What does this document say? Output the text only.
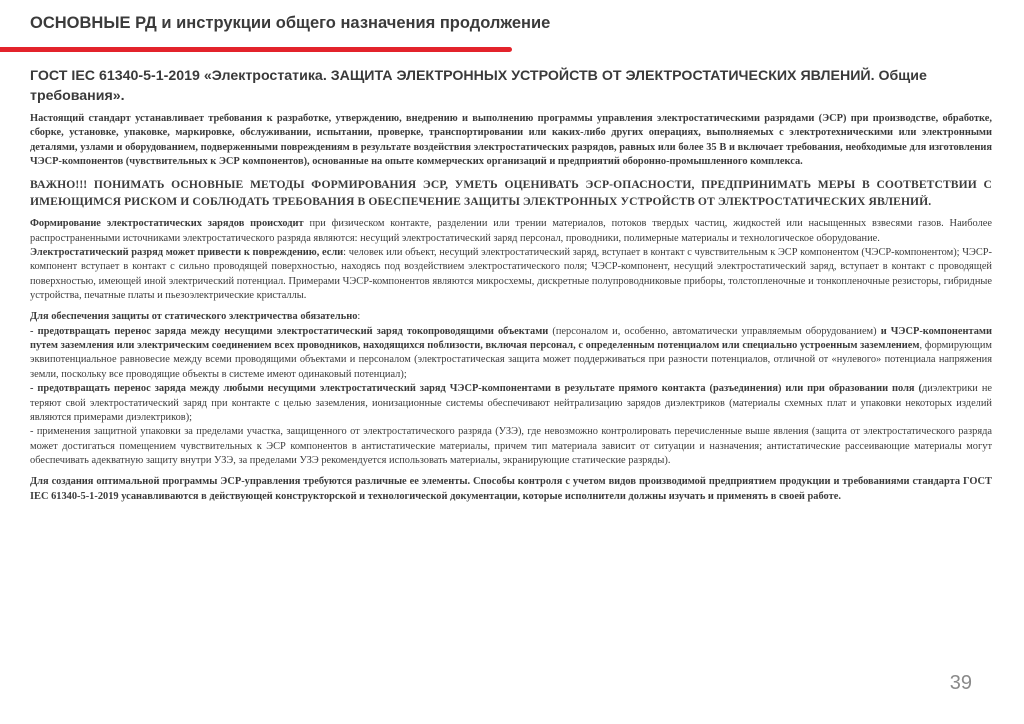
ОСНОВНЫЕ РД и инструкции общего назначения продолжение
ГОСТ IEC 61340-5-1-2019 «Электростатика. ЗАЩИТА ЭЛЕКТРОННЫХ УСТРОЙСТВ ОТ ЭЛЕКТРОСТАТИЧЕСКИХ ЯВЛЕНИЙ. Общие требования».

Настоящий стандарт устанавливает требования к разработке, утверждению, внедрению и выполнению программы управления электростатическими разрядами (ЭСР) при производстве, обработке, сборке, установке, упаковке, маркировке, обслуживании, испытании, проверке, транспортировании или каких-либо других операциях, выполняемых с электротехническими или электронными деталями, узлами и оборудованием, подверженными повреждениям в результате воздействия электростатических разрядов, равных или более 35 В и включает требования, необходимые для изготовления ЧЭСР-компонентов (чувствительных к ЭСР компонентов), основанные на опыте коммерческих организаций и предприятий оборонно-промышленного комплекса.

ВАЖНО!!! ПОНИМАТЬ ОСНОВНЫЕ МЕТОДЫ ФОРМИРОВАНИЯ ЭСР, УМЕТЬ ОЦЕНИВАТЬ ЭСР-ОПАСНОСТИ, ПРЕДПРИНИМАТЬ МЕРЫ В СООТВЕТСТВИИ С ИМЕЮЩИМСЯ РИСКОМ И СОБЛЮДАТЬ ТРЕБОВАНИЯ В ОБЕСПЕЧЕНИЕ ЗАЩИТЫ ЭЛЕКТРОННЫХ УСТРОЙСТВ ОТ ЭЛЕКТРОСТАТИЧЕСКИХ ЯВЛЕНИЙ.

Формирование электростатических зарядов происходит при физическом контакте, разделении или трении материалов, потоков твердых частиц, жидкостей или насыщенных взвесями газов. Наиболее распространенными источниками электростатического разряда являются: несущий электростатический заряд персонал, проводники, полимерные материалы и технологическое оборудование.

Электростатический разряд может привести к повреждению, если: человек или объект, несущий электростатический заряд, вступает в контакт с чувствительным к ЭСР компонентом (ЧЭСР-компонентом); ЧЭСР-компонент вступает в контакт с сильно проводящей поверхностью, находясь под воздействием электростатического поля; ЧЭСР-компонент, несущий электростатический заряд, вступает в контакт с проводящей поверхностью, имеющей иной электрический потенциал. Примерами ЧЭСР-компонентов являются микросхемы, дискретные полупроводниковые приборы, толстопленочные и тонкопленочные резисторы, гибридные устройства, печатные платы и пьезоэлектрические кристаллы.

Для обеспечения защиты от статического электричества обязательно:

- предотвращать перенос заряда между несущими электростатический заряд токопроводящими объектами (персоналом и, особенно, автоматически управляемым оборудованием) и ЧЭСР-компонентами путем заземления или электрическим соединением всех проводников, находящихся поблизости, включая персонал, с определенным потенциалом или специально устроенным заземлением, формирующим эквипотенциальное равновесие между всеми проводящими объектами и персоналом (электростатическая защита может поддерживаться при разности потенциалов, отличной от «нулевого» потенциала напряжения земли, поскольку все проводящие объекты в системе имеют одинаковый потенциал);

- предотвращать перенос заряда между любыми несущими электростатический заряд ЧЭСР-компонентами в результате прямого контакта (разъединения) или при образовании поля (диэлектрики не теряют свой электростатический заряд при контакте с целью заземления, ионизационные системы обеспечивают нейтрализацию зарядов диэлектриков (материалы схемных плат и упаковки некоторых изделий являются примерами диэлектриков);

- применения защитной упаковки за пределами участка, защищенного от электростатического разряда (УЗЭ), где невозможно контролировать перечисленные выше явления (защита от электростатического разряда может достигаться помещением чувствительных к ЭСР компонентов в антистатические материалы, причем тип материала зависит от ситуации и назначения; антистатические рассеивающие материалы могут обеспечивать адекватную защиту внутри УЗЭ, за пределами УЗЭ рекомендуется использовать материалы, экранирующие статические разряды).

Для создания оптимальной программы ЭСР-управления требуются различные ее элементы. Способы контроля с учетом видов производимой предприятием продукции и требованиями стандарта ГОСТ IEC 61340-5-1-2019 усанавливаются в действующей конструкторской и технологической документации, которые исполнители должны изучать и применять в своей работе.

39
